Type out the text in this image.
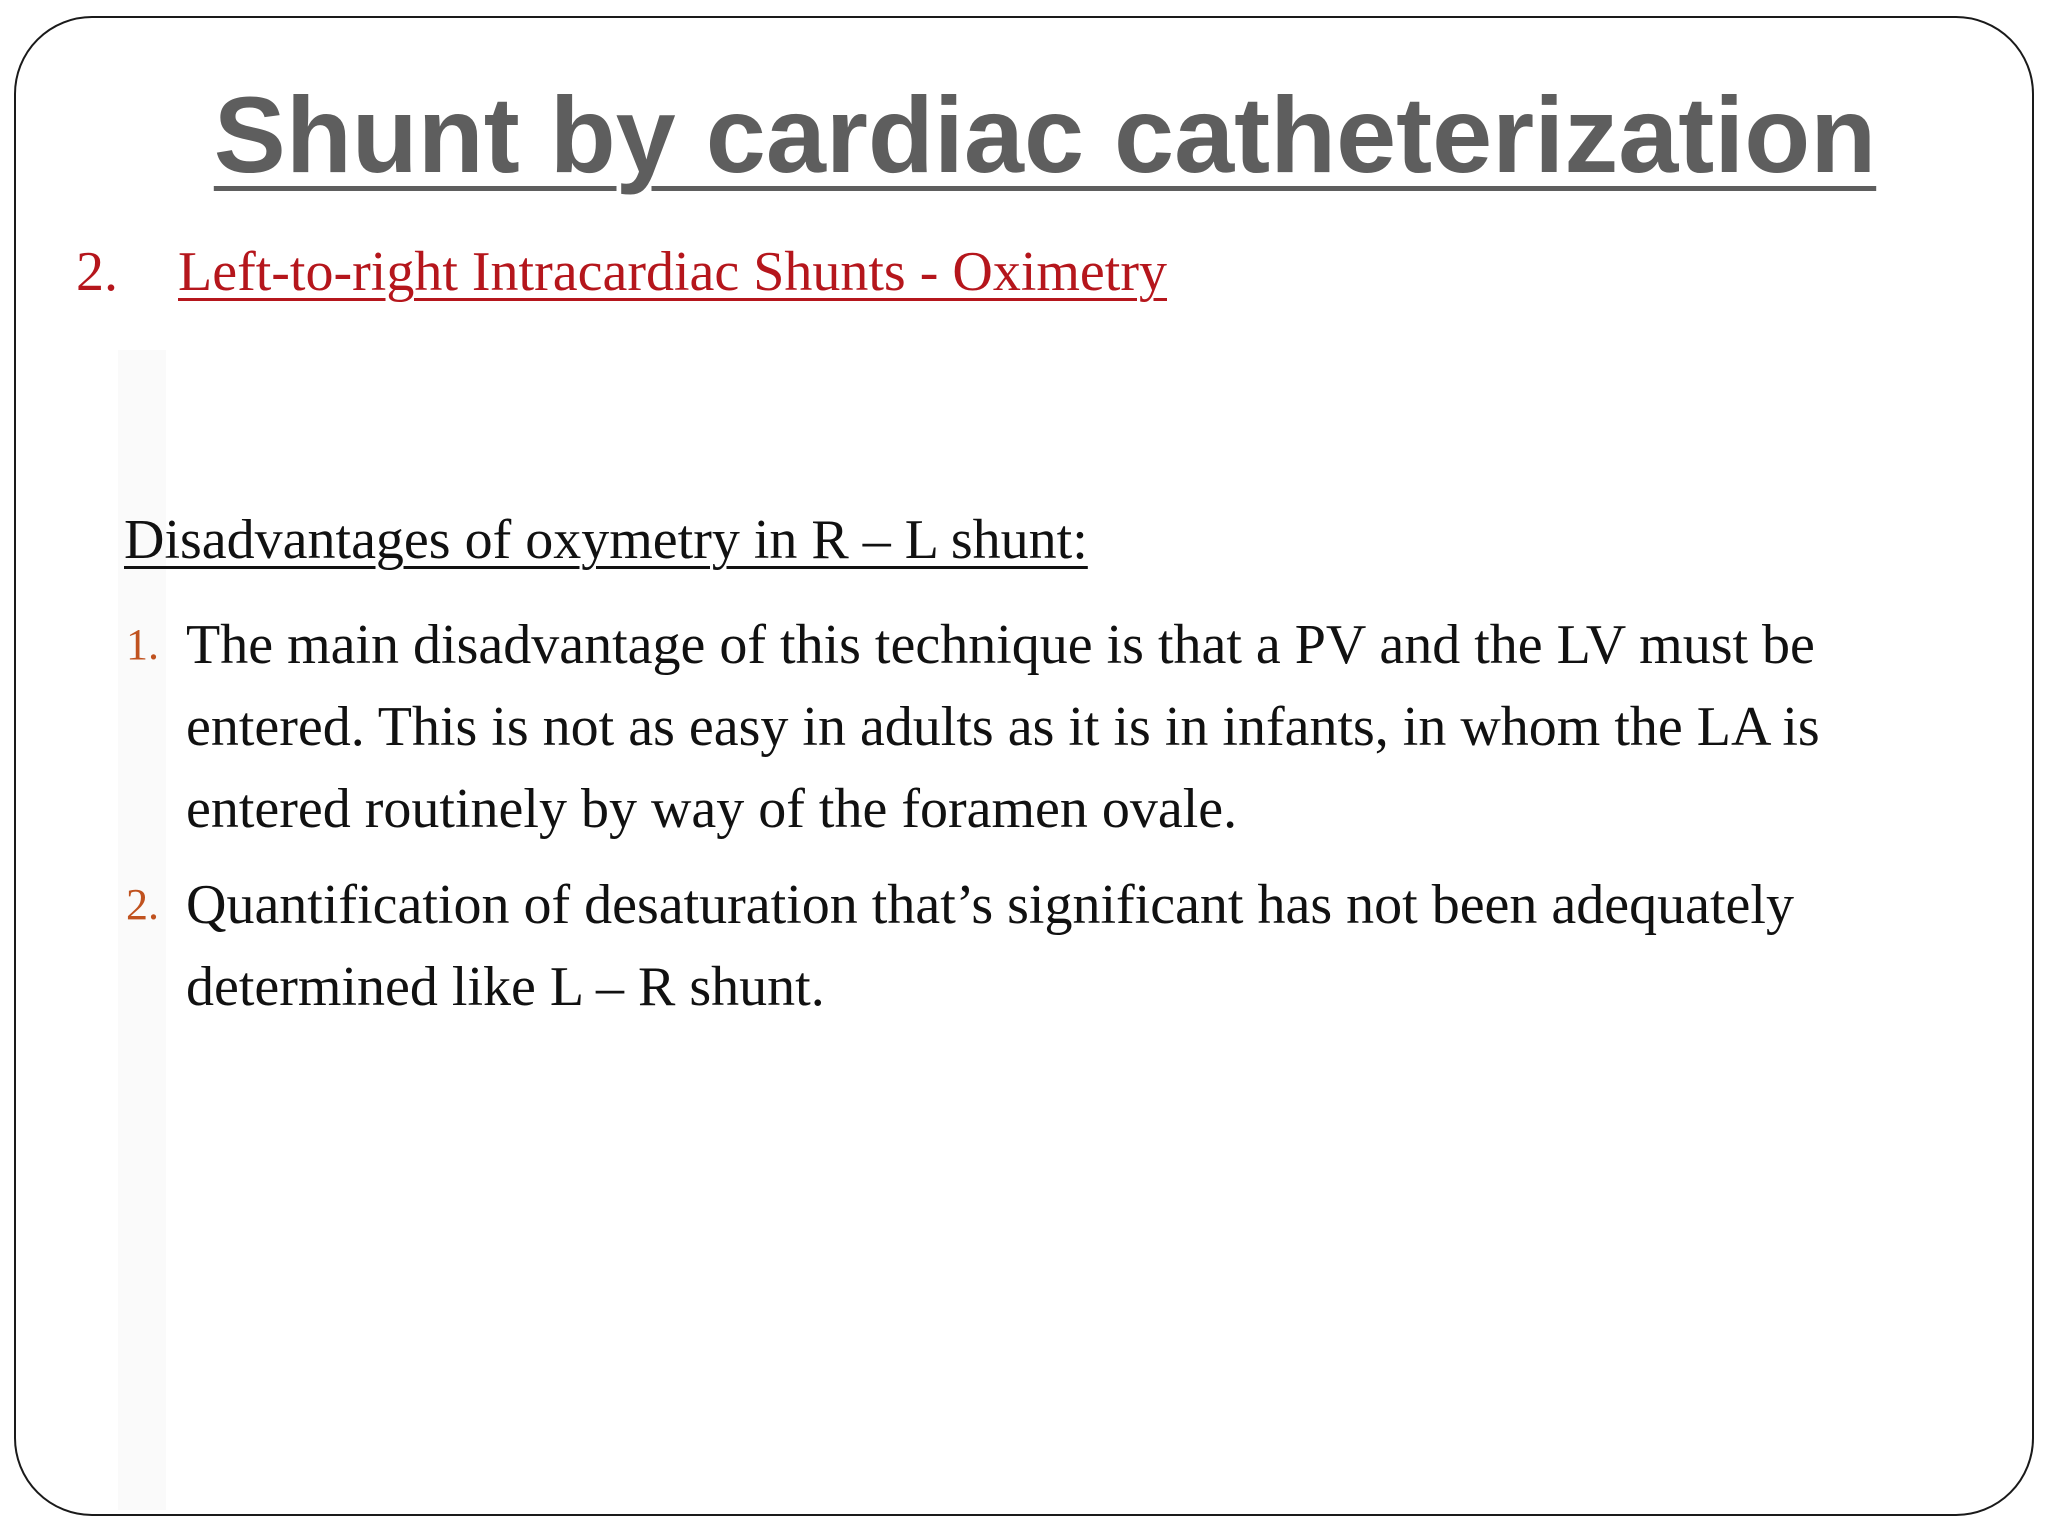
Shunt by cardiac catheterization
2. Left-to-right Intracardiac Shunts - Oximetry
Disadvantages of oxymetry in R – L shunt:
1. The main disadvantage of this technique is that a PV and the LV must be entered. This is not as easy in adults as it is in infants, in whom the LA is entered routinely by way of the foramen ovale.
2. Quantification of desaturation that’s significant has not been adequately determined like L – R shunt.
